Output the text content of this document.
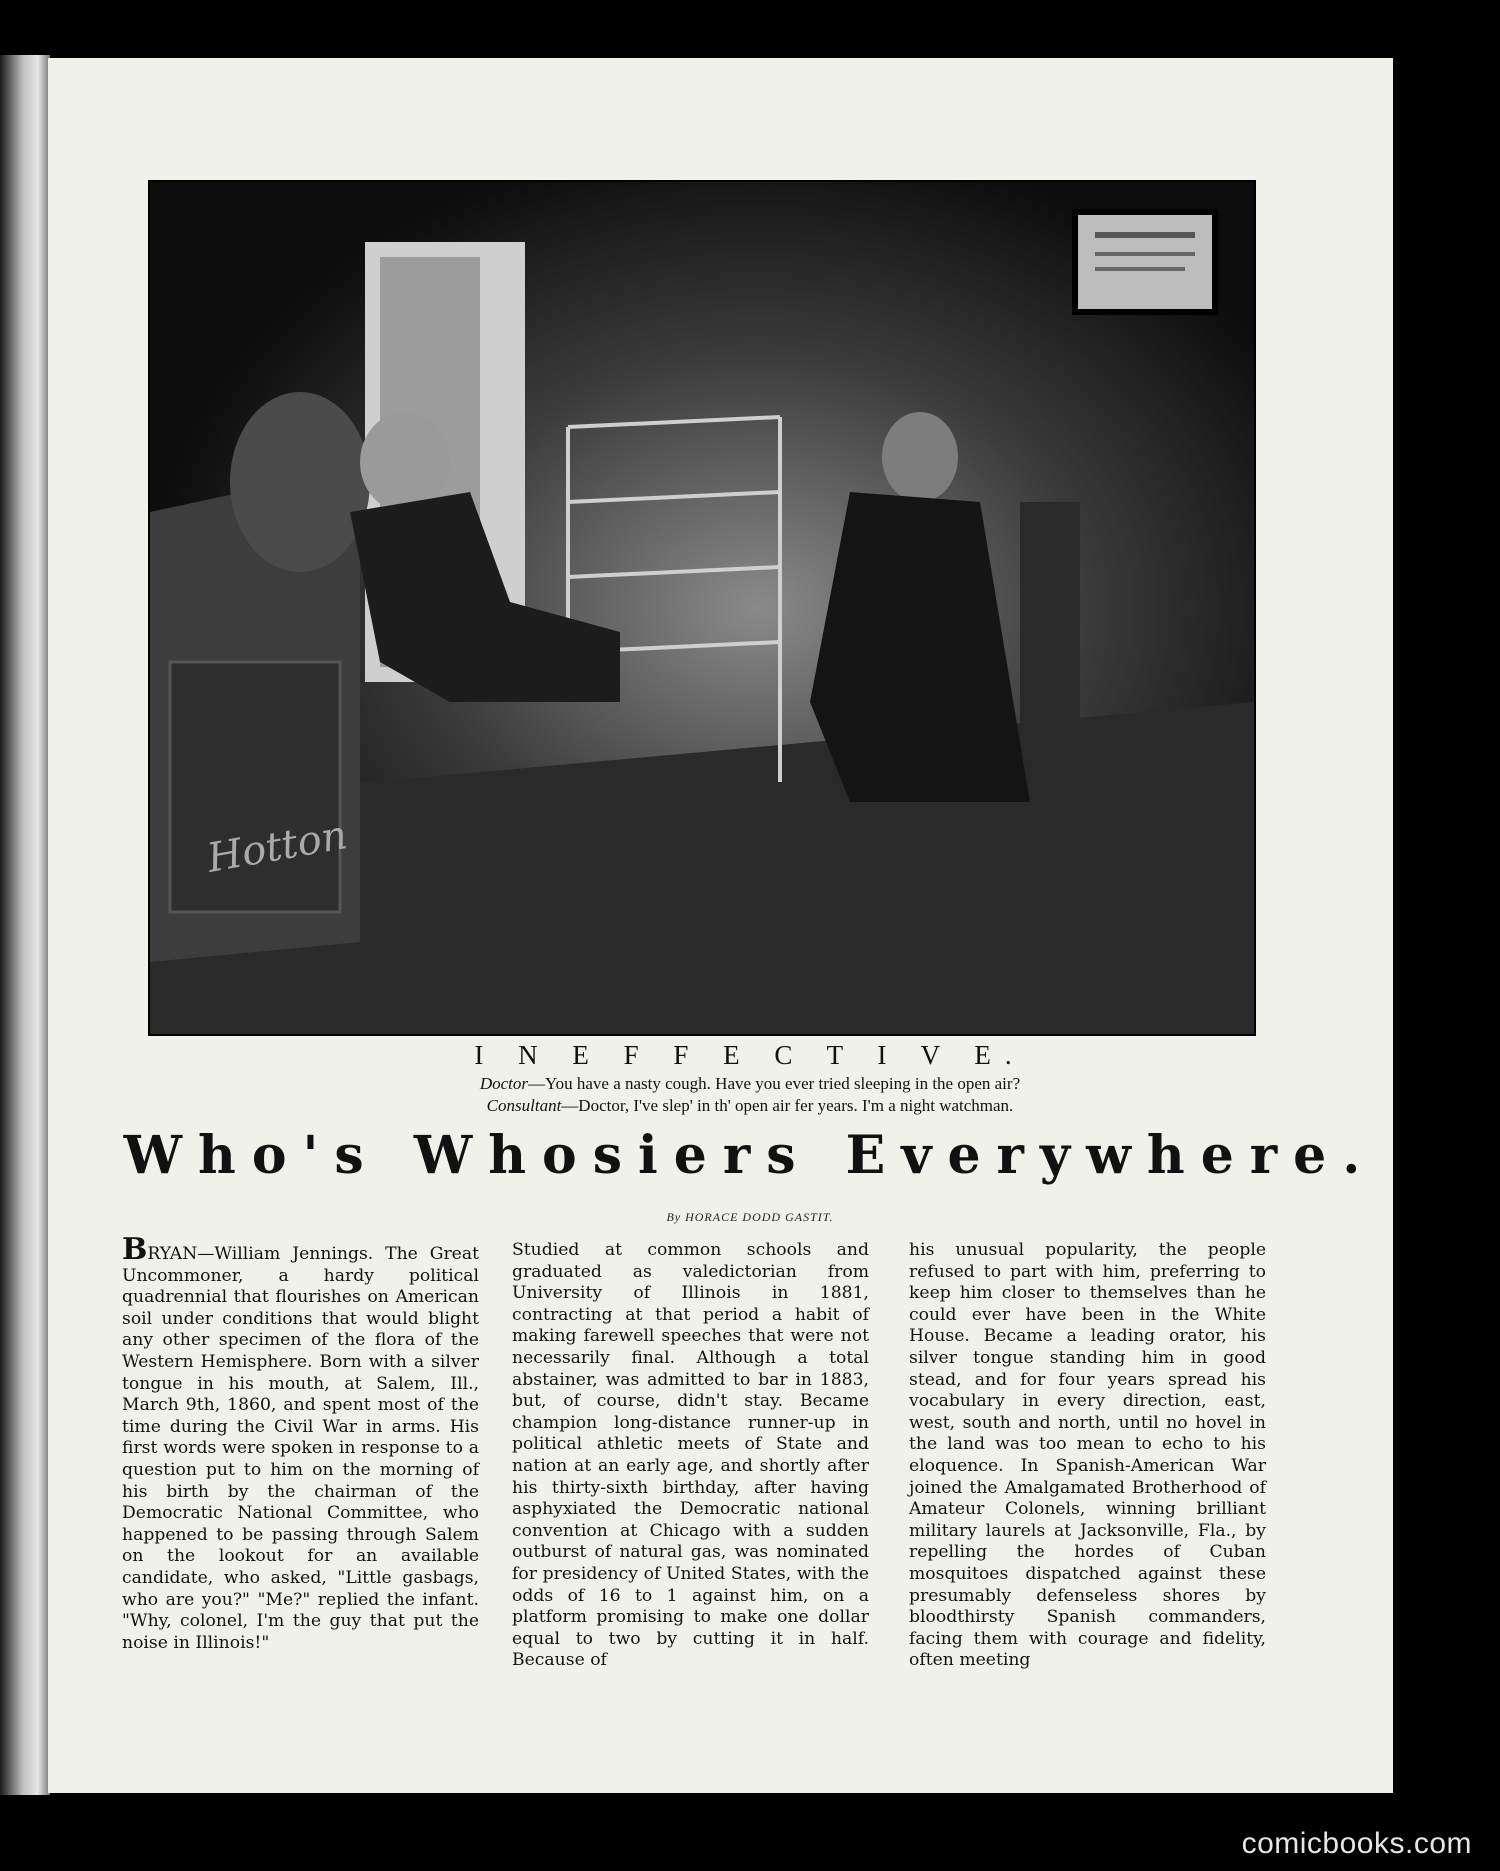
Hotton
I N E F F E C T I V E.
Doctor—You have a nasty cough. Have you ever tried sleeping in the open air?
Consultant—Doctor, I've slep' in th' open air fer years. I'm a night watchman.
Who's Whosiers Everywhere.
By HORACE DODD GASTIT.
BRYAN—William Jennings. The Great Uncommoner, a hardy political quadrennial that flourishes on American soil under conditions that would blight any other specimen of the flora of the Western Hemisphere. Born with a silver tongue in his mouth, at Salem, Ill., March 9th, 1860, and spent most of the time during the Civil War in arms. His first words were spoken in response to a question put to him on the morning of his birth by the chairman of the Democratic National Committee, who happened to be passing through Salem on the lookout for an available candidate, who asked, "Little gasbags, who are you?" "Me?" replied the infant. "Why, colonel, I'm the guy that put the noise in Illinois!"
Studied at common schools and graduated as valedictorian from University of Illinois in 1881, contracting at that period a habit of making farewell speeches that were not necessarily final. Although a total abstainer, was admitted to bar in 1883, but, of course, didn't stay. Became champion long-distance runner-up in political athletic meets of State and nation at an early age, and shortly after his thirty-sixth birthday, after having asphyxiated the Democratic national convention at Chicago with a sudden outburst of natural gas, was nominated for presidency of United States, with the odds of 16 to 1 against him, on a platform promising to make one dollar equal to two by cutting it in half. Because of
his unusual popularity, the people refused to part with him, preferring to keep him closer to themselves than he could ever have been in the White House. Became a leading orator, his silver tongue standing him in good stead, and for four years spread his vocabulary in every direction, east, west, south and north, until no hovel in the land was too mean to echo to his eloquence. In Spanish-American War joined the Amalgamated Brotherhood of Amateur Colonels, winning brilliant military laurels at Jacksonville, Fla., by repelling the hordes of Cuban mosquitoes dispatched against these presumably defenseless shores by bloodthirsty Spanish commanders, facing them with courage and fidelity, often meeting
comicbooks.com
